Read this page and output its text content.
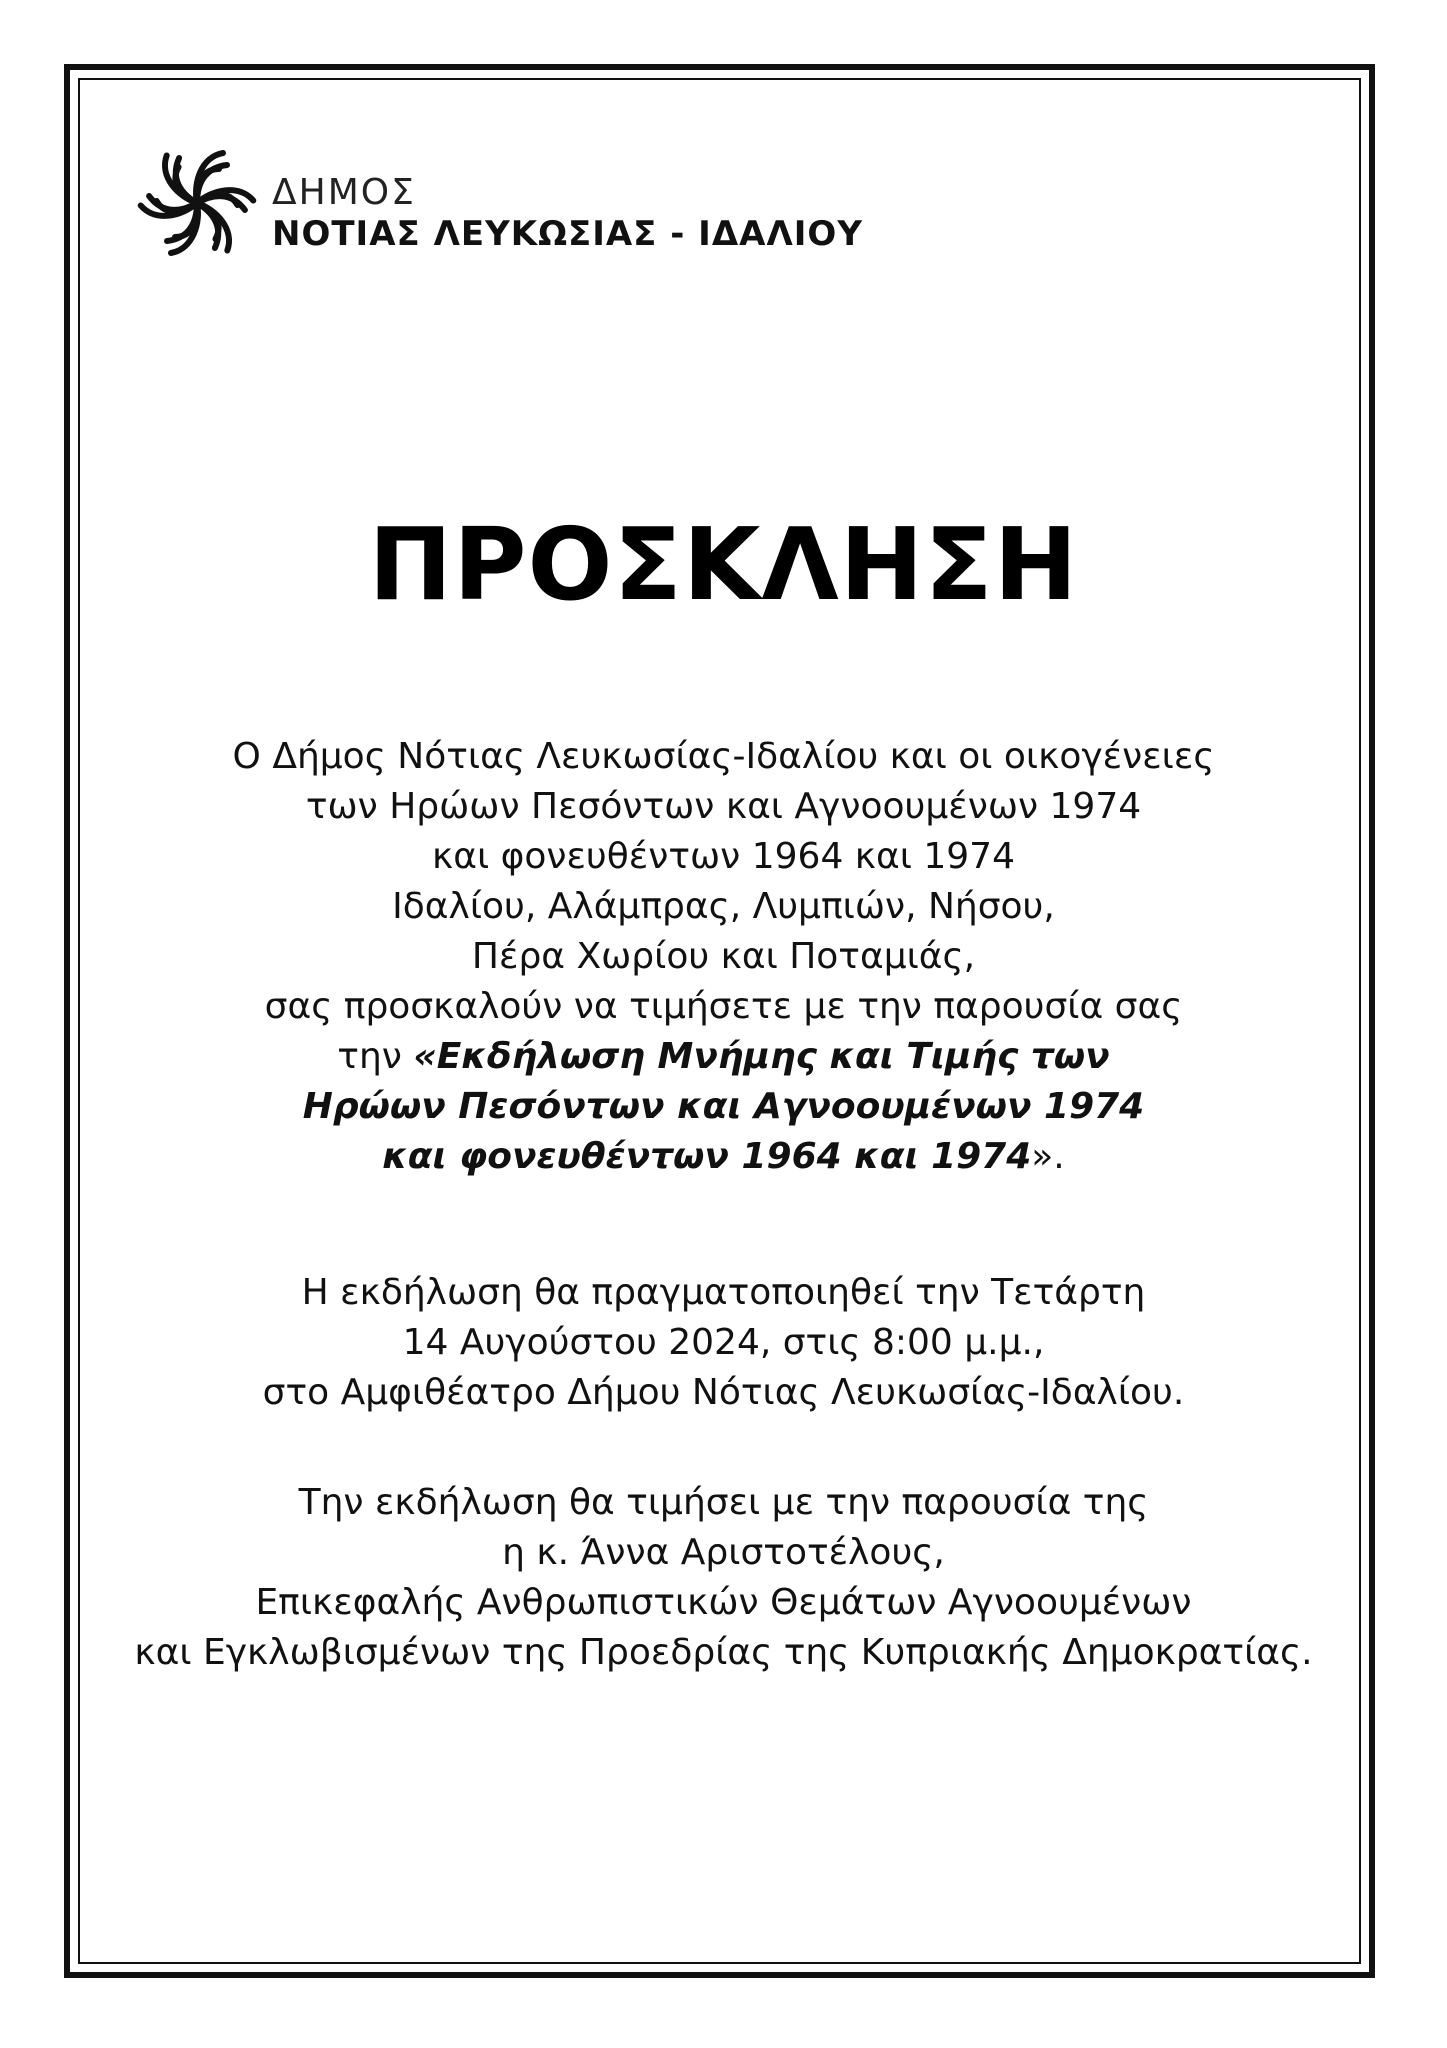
ΔΗΜΟΣ
ΝΟΤΙΑΣ ΛΕΥΚΩΣΙΑΣ - ΙΔΑΛΙΟΥ
ΠΡΟΣΚΛΗΣΗ
Ο Δήμος Νότιας Λευκωσίας-Ιδαλίου και οι οικογένειες
των Ηρώων Πεσόντων και Αγνοουμένων 1974
και φονευθέντων 1964 και 1974
Ιδαλίου, Αλάμπρας, Λυμπιών, Νήσου,
Πέρα Χωρίου και Ποταμιάς,
σας προσκαλούν να τιμήσετε με την παρουσία σας
την «Εκδήλωση Μνήμης και Τιμής των
Ηρώων Πεσόντων και Αγνοουμένων 1974
και φονευθέντων 1964 και 1974».
Η εκδήλωση θα πραγματοποιηθεί την Τετάρτη
14 Αυγούστου 2024, στις 8:00 μ.μ.,
στο Αμφιθέατρο Δήμου Νότιας Λευκωσίας-Ιδαλίου.
Την εκδήλωση θα τιμήσει με την παρουσία της
η κ. Άννα Αριστοτέλους,
Επικεφαλής Ανθρωπιστικών Θεμάτων Αγνοουμένων
και Εγκλωβισμένων της Προεδρίας της Κυπριακής Δημοκρατίας.
